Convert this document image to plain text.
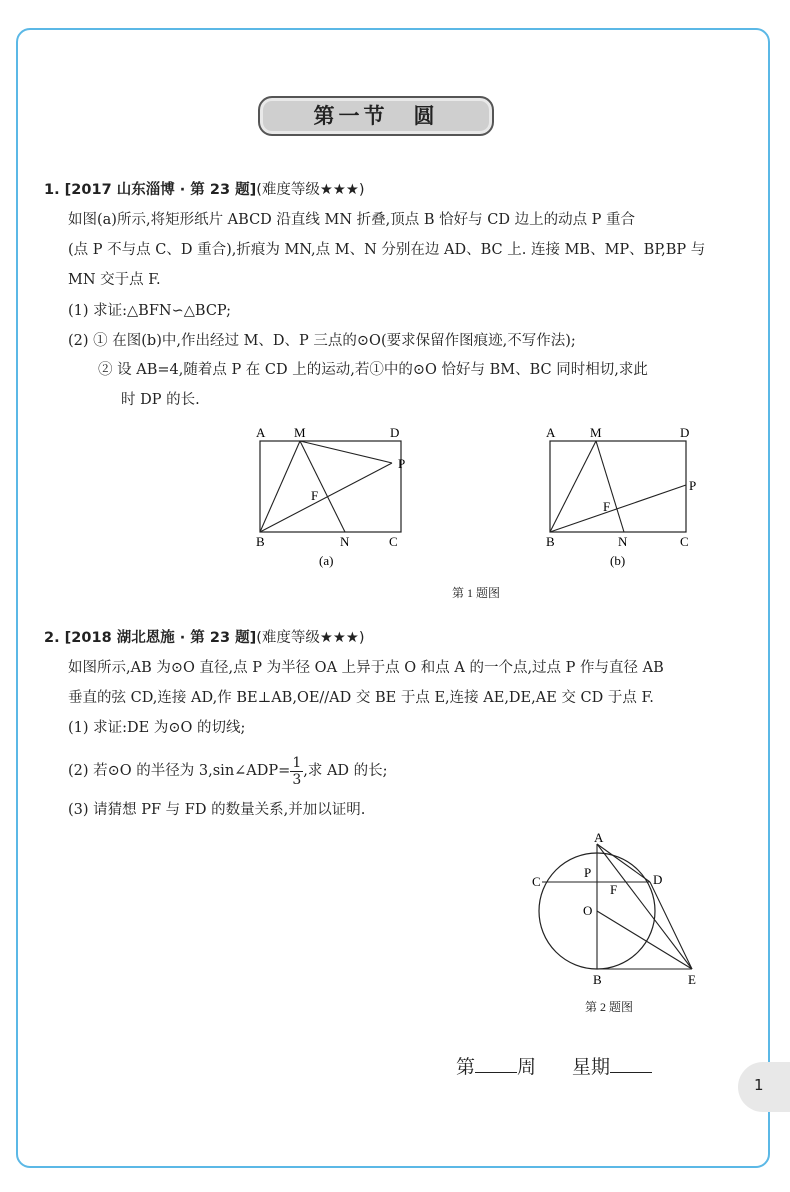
第一节　圆
1. [2017 山东淄博 · 第 23 题](难度等级★★★)
如图(a)所示,将矩形纸片 ABCD 沿直线 MN 折叠,顶点 B 恰好与 CD 边上的动点 P 重合
(点 P 不与点 C、D 重合),折痕为 MN,点 M、N 分别在边 AD、BC 上. 连接 MB、MP、BP,BP 与
MN 交于点 F.
(1) 求证:△BFN∽△BCP;
(2) ① 在图(b)中,作出经过 M、D、P 三点的⊙O(要求保留作图痕迹,不写作法);
② 设 AB=4,随着点 P 在 CD 上的运动,若①中的⊙O 恰好与 BM、BC 同时相切,求此
时 DP 的长.
A M	D
P
F
B	N	C
(a)
A	M	D
P
F
B	N	C
(b)
第 1 题图
2. [2018 湖北恩施 · 第 23 题](难度等级★★★)
如图所示,AB 为⊙O 直径,点 P 为半径 OA 上异于点 O 和点 A 的一个点,过点 P 作与直径 AB
垂直的弦 CD,连接 AD,作 BE⊥AB,OE//AD 交 BE 于点 E,连接 AE,DE,AE 交 CD 于点 F.
(1) 求证:DE 为⊙O 的切线;
(2) 若⊙O 的半径为 3,sin∠ADP= $\frac{1}{3}$ ,求 AD 的长;
(3) 请猜想 PF 与 FD 的数量关系,并加以证明.
A
C
P	D
F
O
B	E
第 2 题图
第 周 星期
1
